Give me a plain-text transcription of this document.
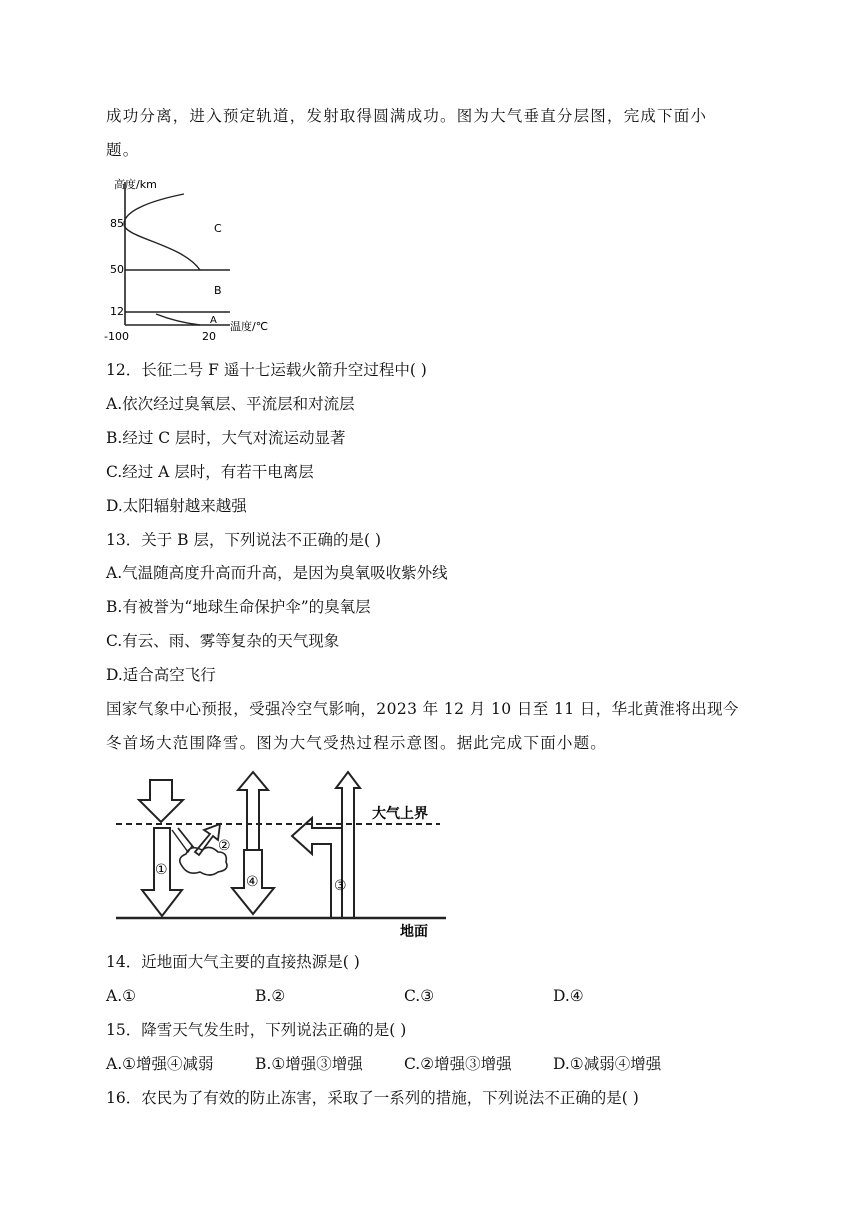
成功分离，进入预定轨道，发射取得圆满成功。图为大气垂直分层图，完成下面小
题。
高度/km
85
50
12
C
B
A 温度/℃
-100	20
12．长征二号 F 遥十七运载火箭升空过程中( )
A.依次经过臭氧层、平流层和对流层
B.经过 C 层时，大气对流运动显著
C.经过 A 层时，有若干电离层
D.太阳辐射越来越强
13．关于 B 层，下列说法不正确的是( )
A.气温随高度升高而升高，是因为臭氧吸收紫外线
B.有被誉为“地球生命保护伞”的臭氧层
C.有云、雨、雾等复杂的天气现象
D.适合高空飞行
国家气象中心预报，受强冷空气影响，2023 年 12 月 10 日至 11 日，华北黄淮将出现今
冬首场大范围降雪。图为大气受热过程示意图。据此完成下面小题。
①
②
③
④
大气上界
地面
14．近地面大气主要的直接热源是( )
A.①	B.②	C.③	D.④
15．降雪天气发生时，下列说法正确的是( )
A.①增强④减弱	B.①增强③增强	C.②增强③增强	D.①减弱④增强
16．农民为了有效的防止冻害，采取了一系列的措施，下列说法不正确的是( )
